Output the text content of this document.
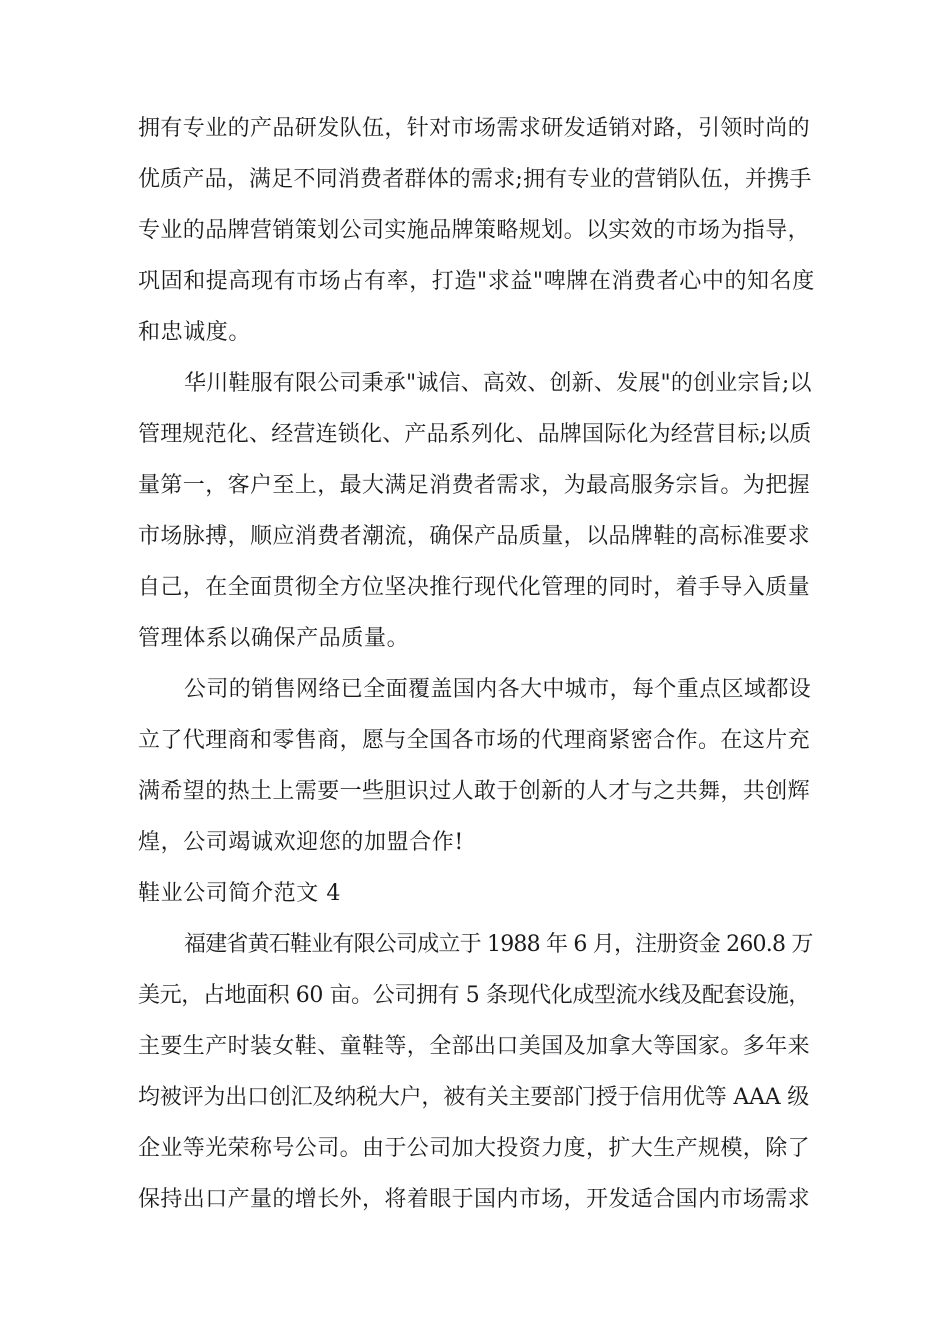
拥有专业的产品研发队伍，针对市场需求研发适销对路，引领时尚的
优质产品，满足不同消费者群体的需求;拥有专业的营销队伍，并携手
专业的品牌营销策划公司实施品牌策略规划。以实效的市场为指导，
巩固和提高现有市场占有率，打造"求益"啤牌在消费者心中的知名度
和忠诚度。
华川鞋服有限公司秉承"诚信、高效、创新、发展"的创业宗旨;以
管理规范化、经营连锁化、产品系列化、品牌国际化为经营目标;以质
量第一，客户至上，最大满足消费者需求，为最高服务宗旨。为把握
市场脉搏，顺应消费者潮流，确保产品质量，以品牌鞋的高标准要求
自己，在全面贯彻全方位坚决推行现代化管理的同时，着手导入质量
管理体系以确保产品质量。
公司的销售网络已全面覆盖国内各大中城市，每个重点区域都设
立了代理商和零售商，愿与全国各市场的代理商紧密合作。在这片充
满希望的热土上需要一些胆识过人敢于创新的人才与之共舞，共创辉
煌，公司竭诚欢迎您的加盟合作!
鞋业公司简介范文 4
福建省黄石鞋业有限公司成立于 1988 年 6 月，注册资金 260.8 万
美元，占地面积 60 亩。公司拥有 5 条现代化成型流水线及配套设施，
主要生产时装女鞋、童鞋等，全部出口美国及加拿大等国家。多年来
均被评为出口创汇及纳税大户，被有关主要部门授于信用优等 AAA 级
企业等光荣称号公司。由于公司加大投资力度，扩大生产规模，除了
保持出口产量的增长外，将着眼于国内市场，开发适合国内市场需求
